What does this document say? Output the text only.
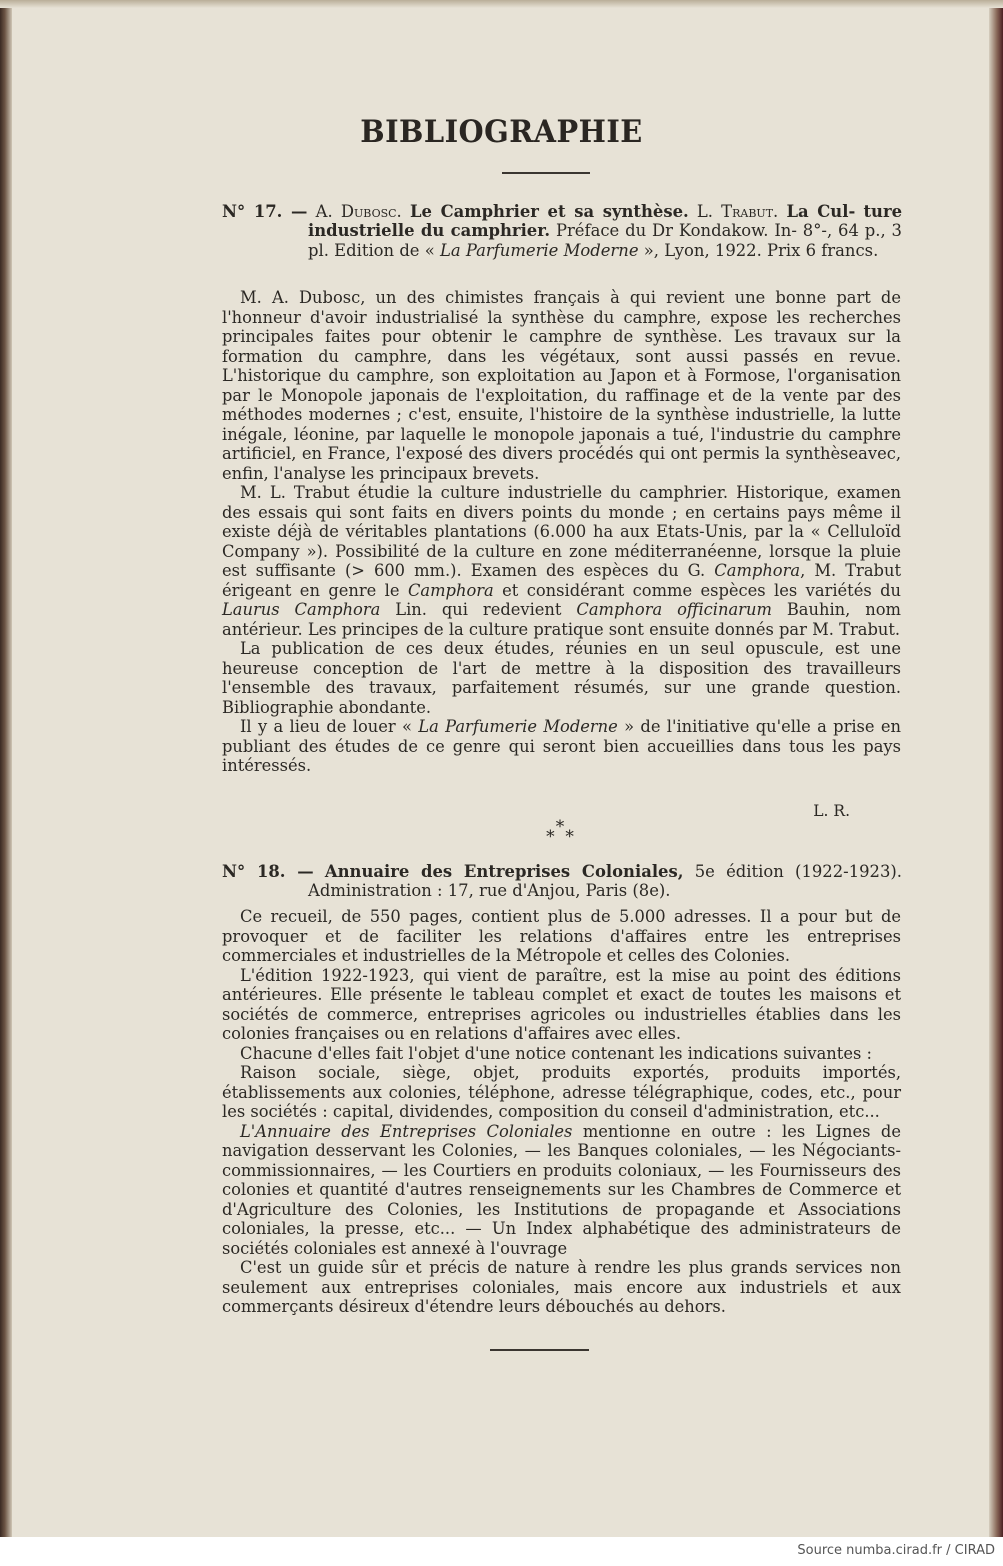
BIBLIOGRAPHIE
N° 17. — A. Dubosc. Le Camphrier et sa synthèse. L. Trabut. La Cul- ture industrielle du camphrier. Préface du Dr Kondakow. In- 8°-, 64 p., 3 pl. Edition de « La Parfumerie Moderne », Lyon, 1922. Prix 6 francs.

M. A. Dubosc, un des chimistes français à qui revient une bonne part de l'honneur d'avoir industrialisé la synthèse du camphre, expose les recherches principales faites pour obtenir le camphre de synthèse. Les travaux sur la formation du camphre, dans les végétaux, sont aussi passés en revue. L'historique du camphre, son exploitation au Japon et à Formose, l'organisation par le Monopole japonais de l'exploitation, du raffinage et de la vente par des méthodes modernes ; c'est, ensuite, l'histoire de la synthèse industrielle, la lutte inégale, léonine, par laquelle le monopole japonais a tué, l'industrie du camphre artificiel, en France, l'exposé des divers procédés qui ont permis la synthèseavec, enfin, l'analyse les principaux brevets.

M. L. Trabut étudie la culture industrielle du camphrier. Historique, examen des essais qui sont faits en divers points du monde ; en certains pays même il existe déjà de véritables plantations (6.000 ha aux Etats-Unis, par la « Celluloïd Company »). Possibilité de la culture en zone méditerranéenne, lorsque la pluie est suffisante (> 600 mm.). Examen des espèces du G. Camphora, M. Trabut érigeant en genre le Camphora et considérant comme espèces les variétés du Laurus Camphora Lin. qui redevient Camphora officinarum Bauhin, nom antérieur. Les principes de la culture pratique sont ensuite donnés par M. Trabut.

La publication de ces deux études, réunies en un seul opuscule, est une heureuse conception de l'art de mettre à la disposition des travailleurs l'ensemble des travaux, parfaitement résumés, sur une grande question. Bibliographie abondante.

Il y a lieu de louer « La Parfumerie Moderne » de l'initiative qu'elle a prise en publiant des études de ce genre qui seront bien accueillies dans tous les pays intéressés.

L. R.
*
* *
N° 18. — Annuaire des Entreprises Coloniales, 5e édition (1922-1923). Administration : 17, rue d'Anjou, Paris (8e).

Ce recueil, de 550 pages, contient plus de 5.000 adresses. Il a pour but de provoquer et de faciliter les relations d'affaires entre les entreprises commerciales et industrielles de la Métropole et celles des Colonies.

L'édition 1922-1923, qui vient de paraître, est la mise au point des éditions antérieures. Elle présente le tableau complet et exact de toutes les maisons et sociétés de commerce, entreprises agricoles ou industrielles établies dans les colonies françaises ou en relations d'affaires avec elles.

Chacune d'elles fait l'objet d'une notice contenant les indications suivantes :

Raison sociale, siège, objet, produits exportés, produits importés, établissements aux colonies, téléphone, adresse télégraphique, codes, etc., pour les sociétés : capital, dividendes, composition du conseil d'administration, etc...

L'Annuaire des Entreprises Coloniales mentionne en outre : les Lignes de navigation desservant les Colonies, — les Banques coloniales, — les Négociants-commissionnaires, — les Courtiers en produits coloniaux, — les Fournisseurs des colonies et quantité d'autres renseignements sur les Chambres de Commerce et d'Agriculture des Colonies, les Institutions de propagande et Associations coloniales, la presse, etc... — Un Index alphabétique des administrateurs de sociétés coloniales est annexé à l'ouvrage

C'est un guide sûr et précis de nature à rendre les plus grands services non seulement aux entreprises coloniales, mais encore aux industriels et aux commerçants désireux d'étendre leurs débouchés au dehors.

Source numba.cirad.fr / CIRAD
